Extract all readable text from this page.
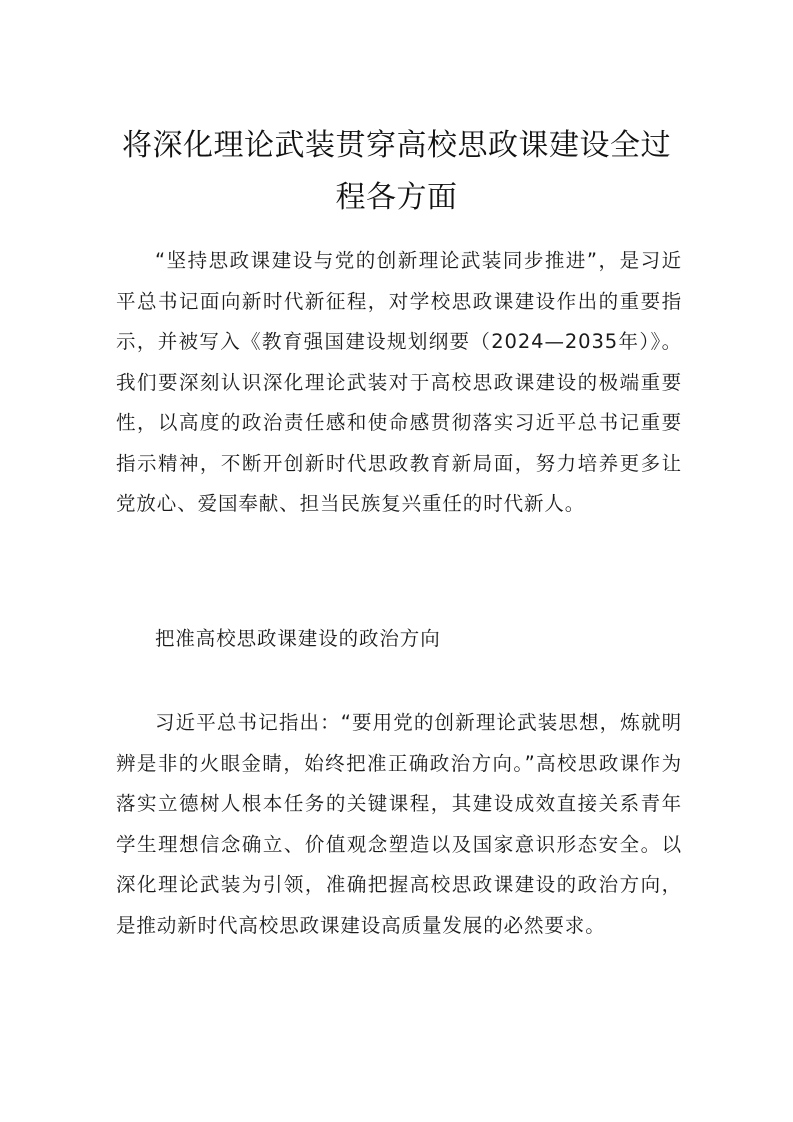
将深化理论武装贯穿高校思政课建设全过程各方面

“坚持思政课建设与党的创新理论武装同步推进”，是习近平总书记面向新时代新征程，对学校思政课建设作出的重要指示，并被写入《教育强国建设规划纲要（2024—2035年）》。我们要深刻认识深化理论武装对于高校思政课建设的极端重要性，以高度的政治责任感和使命感贯彻落实习近平总书记重要指示精神，不断开创新时代思政教育新局面，努力培养更多让党放心、爱国奉献、担当民族复兴重任的时代新人。

把准高校思政课建设的政治方向

习近平总书记指出：“要用党的创新理论武装思想，炼就明辨是非的火眼金睛，始终把准正确政治方向。”高校思政课作为落实立德树人根本任务的关键课程，其建设成效直接关系青年学生理想信念确立、价值观念塑造以及国家意识形态安全。以深化理论武装为引领，准确把握高校思政课建设的政治方向，是推动新时代高校思政课建设高质量发展的必然要求。
